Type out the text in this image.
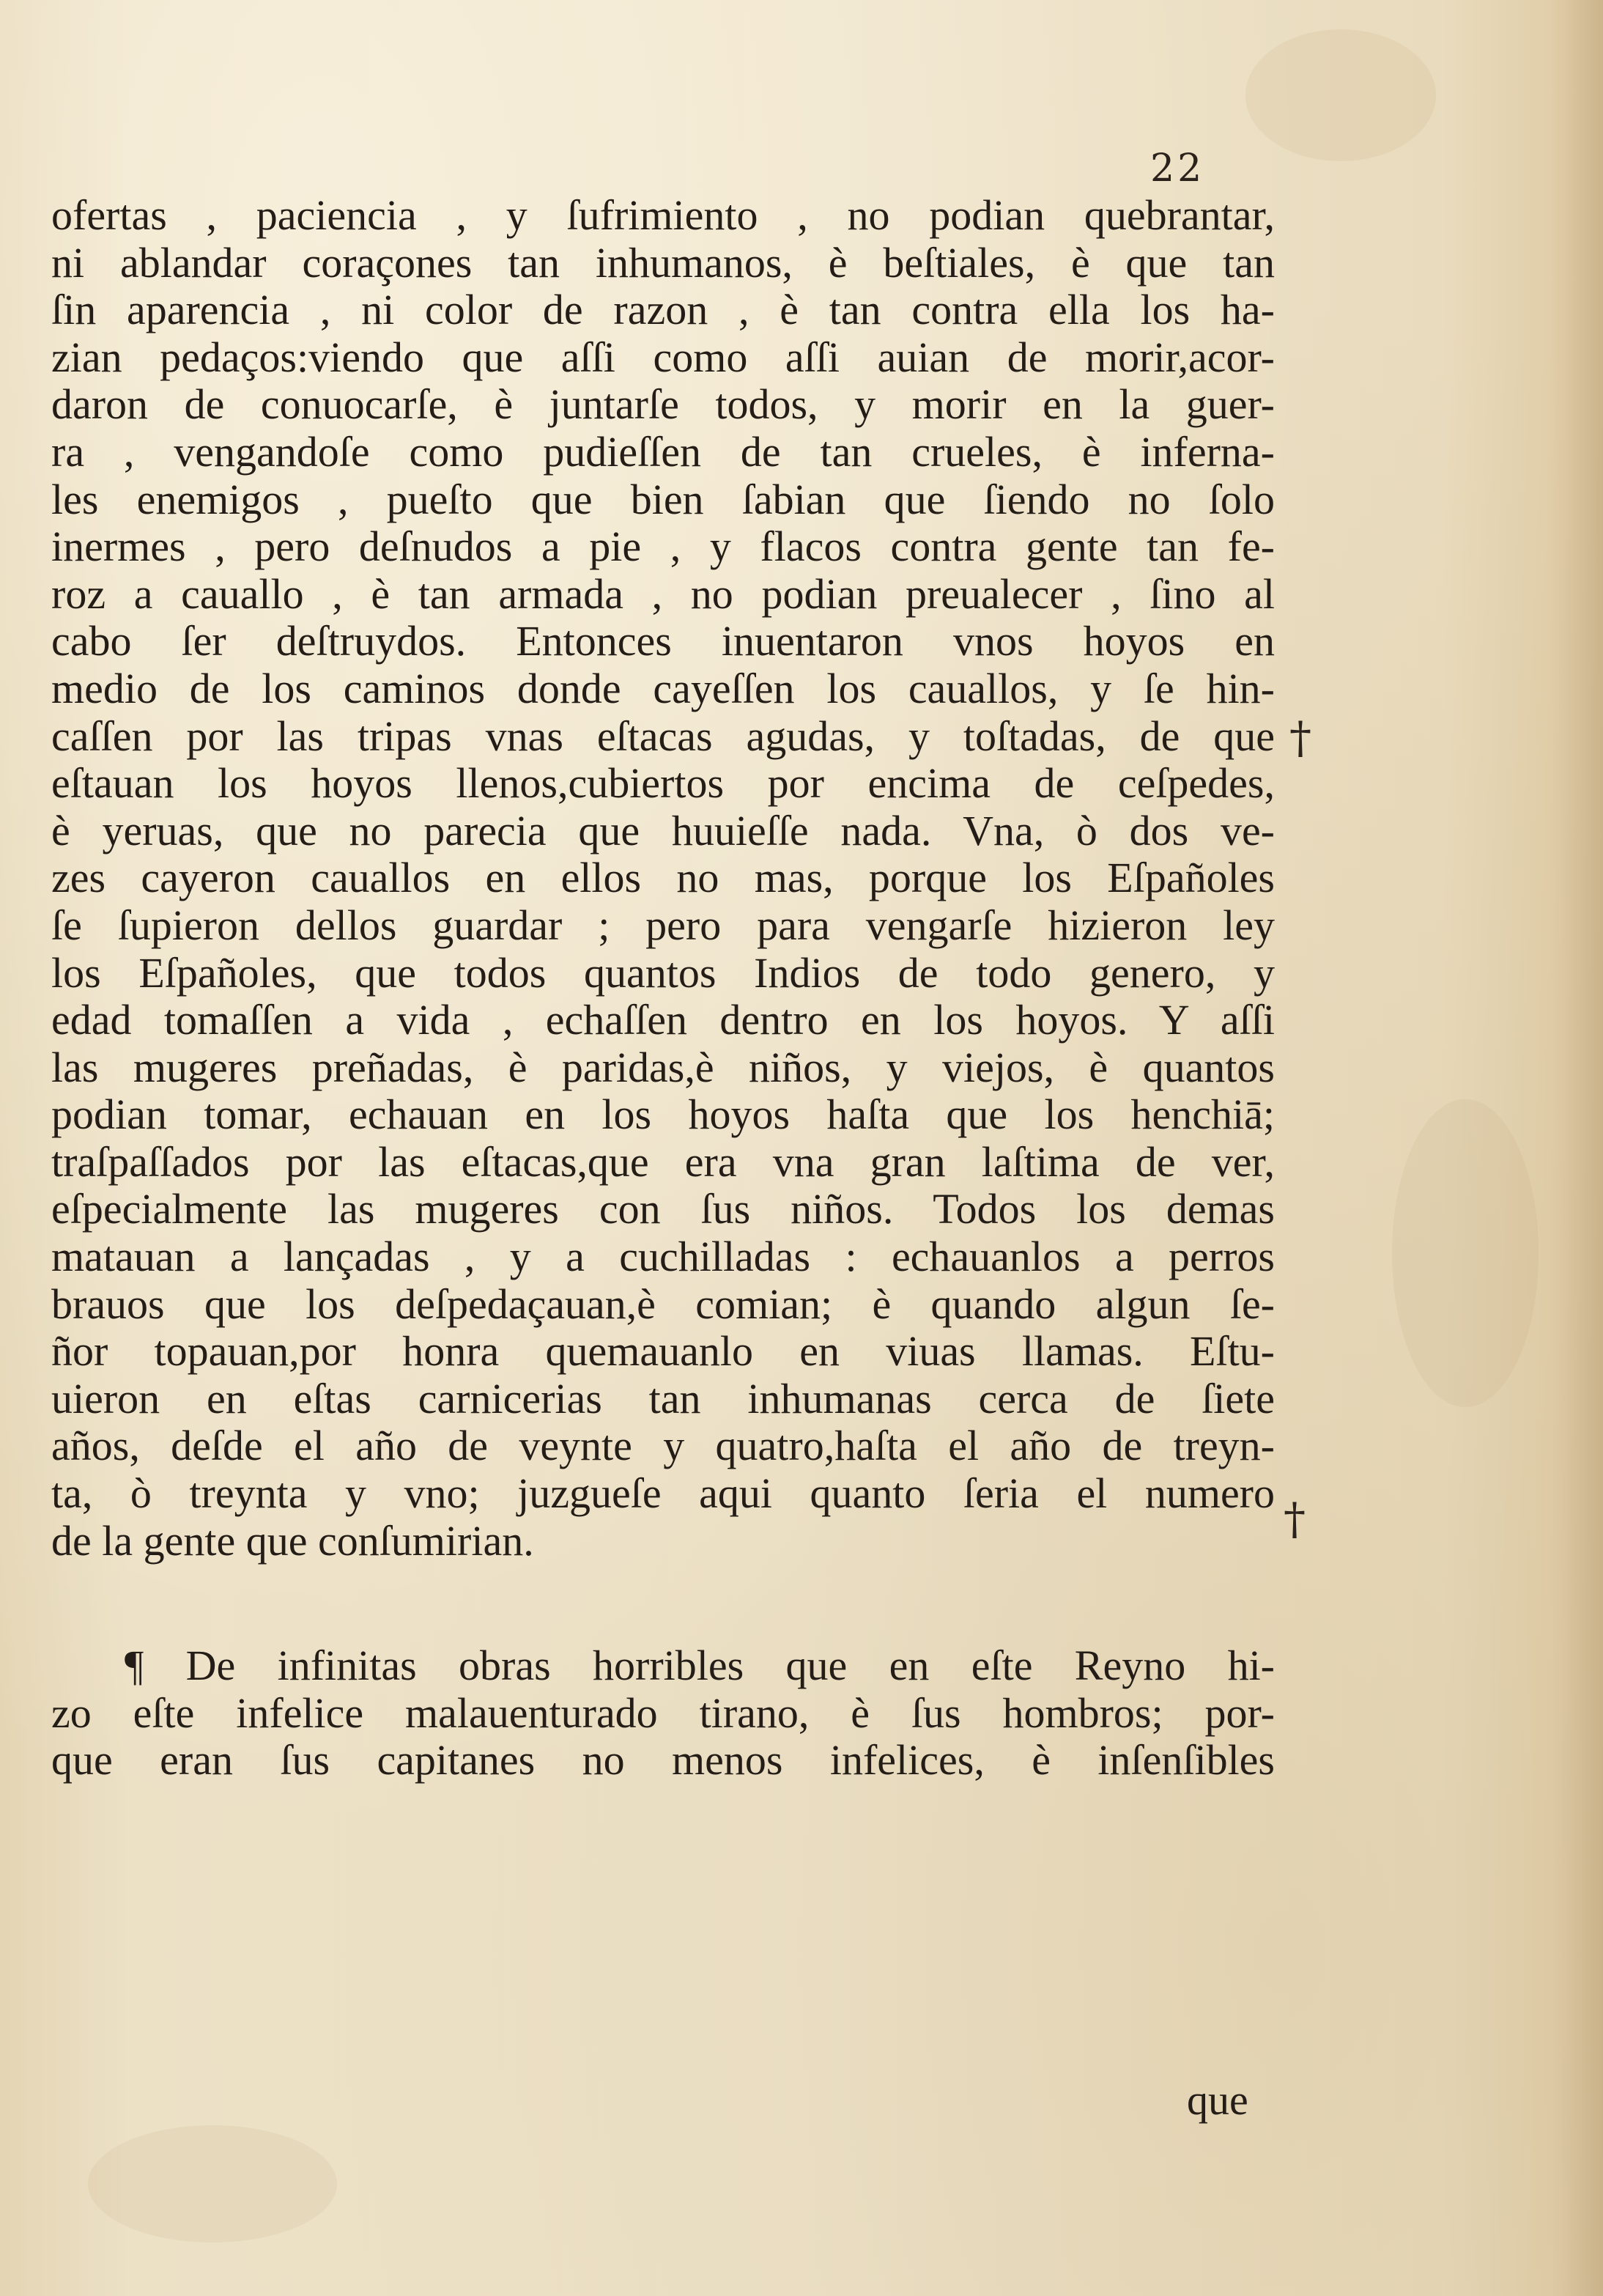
22
ofertas , paciencia , y ſufrimiento , no podian quebrantar,
ni ablandar coraçones tan inhumanos, è beſtiales, è que tan
ſin aparencia , ni color de razon , è tan contra ella los ha-
zian pedaços:viendo que aſſi como aſſi auian de morir,acor-
daron de conuocarſe, è juntarſe todos, y morir en la guer-
ra , vengandoſe como pudieſſen de tan crueles, è inferna-
les enemigos , pueſto que bien ſabian que ſiendo no ſolo
inermes , pero deſnudos a pie , y flacos contra gente tan fe-
roz a cauallo , è tan armada , no podian preualecer , ſino al
cabo ſer deſtruydos. Entonces inuentaron vnos hoyos en
medio de los caminos donde cayeſſen los cauallos, y ſe hin-
caſſen por las tripas vnas eſtacas agudas, y toſtadas, de que
eſtauan los hoyos llenos,cubiertos por encima de ceſpedes,
è yeruas, que no parecia que huuieſſe nada. Vna, ò dos ve-
zes cayeron cauallos en ellos no mas, porque los Eſpañoles
ſe ſupieron dellos guardar ; pero para vengarſe hizieron ley
los Eſpañoles, que todos quantos Indios de todo genero, y
edad tomaſſen a vida , echaſſen dentro en los hoyos. Y aſſi
las mugeres preñadas, è paridas,è niños, y viejos, è quantos
podian tomar, echauan en los hoyos haſta que los henchiā;
traſpaſſados por las eſtacas,que era vna gran laſtima de ver,
eſpecialmente las mugeres con ſus niños. Todos los demas
matauan a lançadas , y a cuchilladas : echauanlos a perros
brauos que los deſpedaçauan,è comian; è quando algun ſe-
ñor topauan,por honra quemauanlo en viuas llamas. Eſtu-
uieron en eſtas carnicerias tan inhumanas cerca de ſiete
años, deſde el año de veynte y quatro,haſta el año de treyn-
ta, ò treynta y vno; juzgueſe aqui quanto ſeria el numero
de la gente que conſumirian.
¶ De infinitas obras horribles que en eſte Reyno hi-
zo eſte infelice malauenturado tirano, è ſus hombros; por-
que eran ſus capitanes no menos infelices, è inſenſibles
que
†
†
